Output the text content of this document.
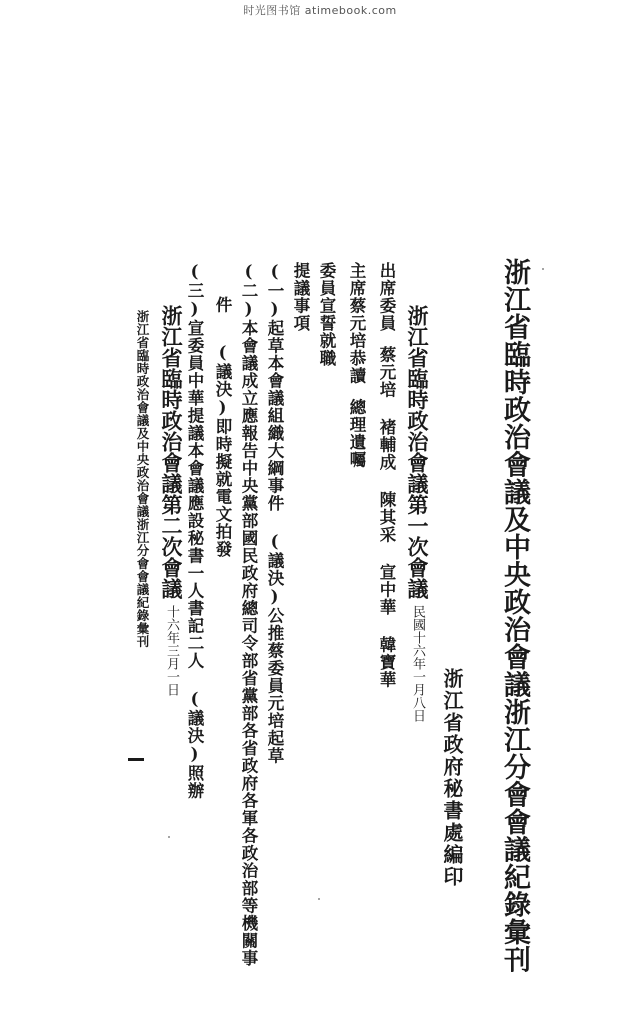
时光图书馆 atimebook.com
浙江省臨時政治會議及中央政治會議浙江分會會議紀錄彙刊
浙江省政府秘書處編印
浙江省臨時政治會議第一次會議民國十六年一月八日
出席委員蔡元培褚輔成陳其采宣中華韓寶華
主席蔡元培恭讀總理遺囑
委員宣誓就職
提議事項
(一)起草本會議組織大綱事件(議決)公推蔡委員元培起草
(二)本會議成立應報告中央黨部國民政府總司令部省黨部各省政府各軍各政治部等機關事
件
(議決)即時擬就電文拍發
(三)宣委員中華提議本會議應設秘書一人書記二人(議決)照辦
浙江省臨時政治會議第二次會議十六年三月一日
浙江省臨時政治會議及中央政治會議浙江分會會議紀錄彙刊
